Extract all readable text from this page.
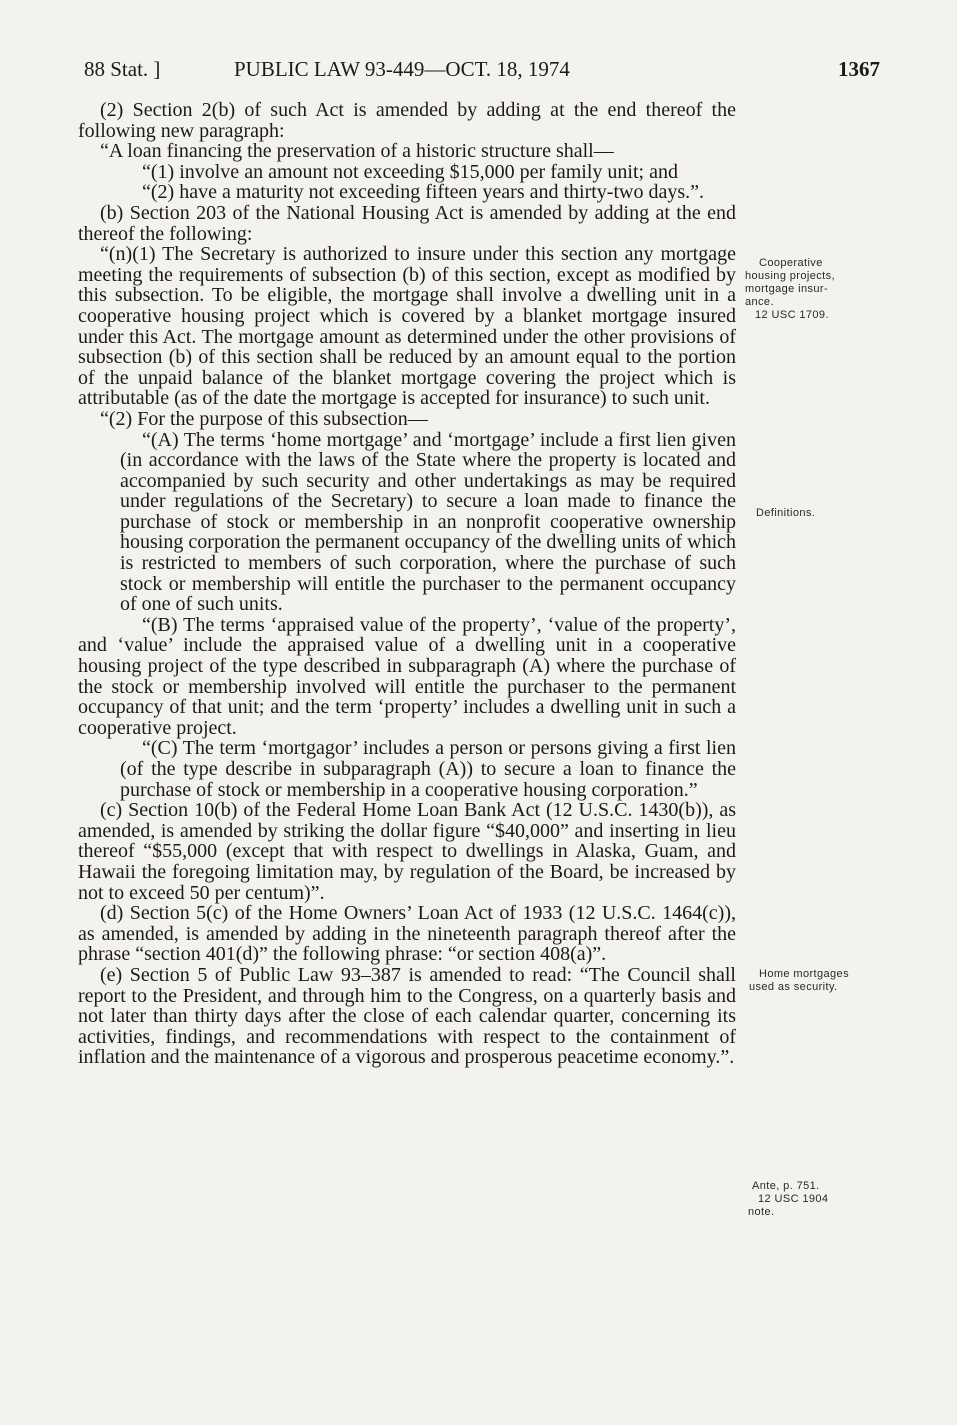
88 Stat. ]	PUBLIC LAW 93-449—OCT. 18, 1974	1367

(2) Section 2(b) of such Act is amended by adding at the end thereof the following new paragraph:

“A loan financing the preservation of a historic structure shall—

“(1) involve an amount not exceeding $15,000 per family unit; and

“(2) have a maturity not exceeding fifteen years and thirty-two days.”.

(b) Section 203 of the National Housing Act is amended by adding at the end thereof the following:

“(n)(1) The Secretary is authorized to insure under this section any mortgage meeting the requirements of subsection (b) of this section, except as modified by this subsection. To be eligible, the mortgage shall involve a dwelling unit in a cooperative housing project which is covered by a blanket mortgage insured under this Act. The mortgage amount as determined under the other provisions of subsection (b) of this section shall be reduced by an amount equal to the portion of the unpaid balance of the blanket mortgage covering the project which is attributable (as of the date the mortgage is accepted for insurance) to such unit.

“(2) For the purpose of this subsection—

“(A) The terms ‘home mortgage’ and ‘mortgage’ include a first lien given (in accordance with the laws of the State where the property is located and accompanied by such security and other undertakings as may be required under regulations of the Secretary) to secure a loan made to finance the purchase of stock or membership in an nonprofit cooperative ownership housing corporation the permanent occupancy of the dwelling units of which is restricted to members of such corporation, where the purchase of such stock or membership will entitle the purchaser to the permanent occupancy of one of such units.

“(B) The terms ‘appraised value of the property’, ‘value of the property’, and ‘value’ include the appraised value of a dwelling unit in a cooperative housing project of the type described in subparagraph (A) where the purchase of the stock or membership involved will entitle the purchaser to the permanent occupancy of that unit; and the term ‘property’ includes a dwelling unit in such a cooperative project.

“(C) The term ‘mortgagor’ includes a person or persons giving a first lien (of the type describe in subparagraph (A)) to secure a loan to finance the purchase of stock or membership in a cooperative housing corporation.”

(c) Section 10(b) of the Federal Home Loan Bank Act (12 U.S.C. 1430(b)), as amended, is amended by striking the dollar figure “$40,000” and inserting in lieu thereof “$55,000 (except that with respect to dwellings in Alaska, Guam, and Hawaii the foregoing limitation may, by regulation of the Board, be increased by not to exceed 50 per centum)”.

(d) Section 5(c) of the Home Owners’ Loan Act of 1933 (12 U.S.C. 1464(c)), as amended, is amended by adding in the nineteenth paragraph thereof after the phrase “section 401(d)” the following phrase: “or section 408(a)”.

(e) Section 5 of Public Law 93–387 is amended to read: “The Council shall report to the President, and through him to the Congress, on a quarterly basis and not later than thirty days after the close of each calendar quarter, concerning its activities, findings, and recommendations with respect to the containment of inflation and the maintenance of a vigorous and prosperous peacetime economy.”.

Cooperative
housing projects,
mortgage insur-
ance.
12 USC 1709.
Definitions.
Home mortgages
used as security.
Ante, p. 751.
12 USC 1904
note.
